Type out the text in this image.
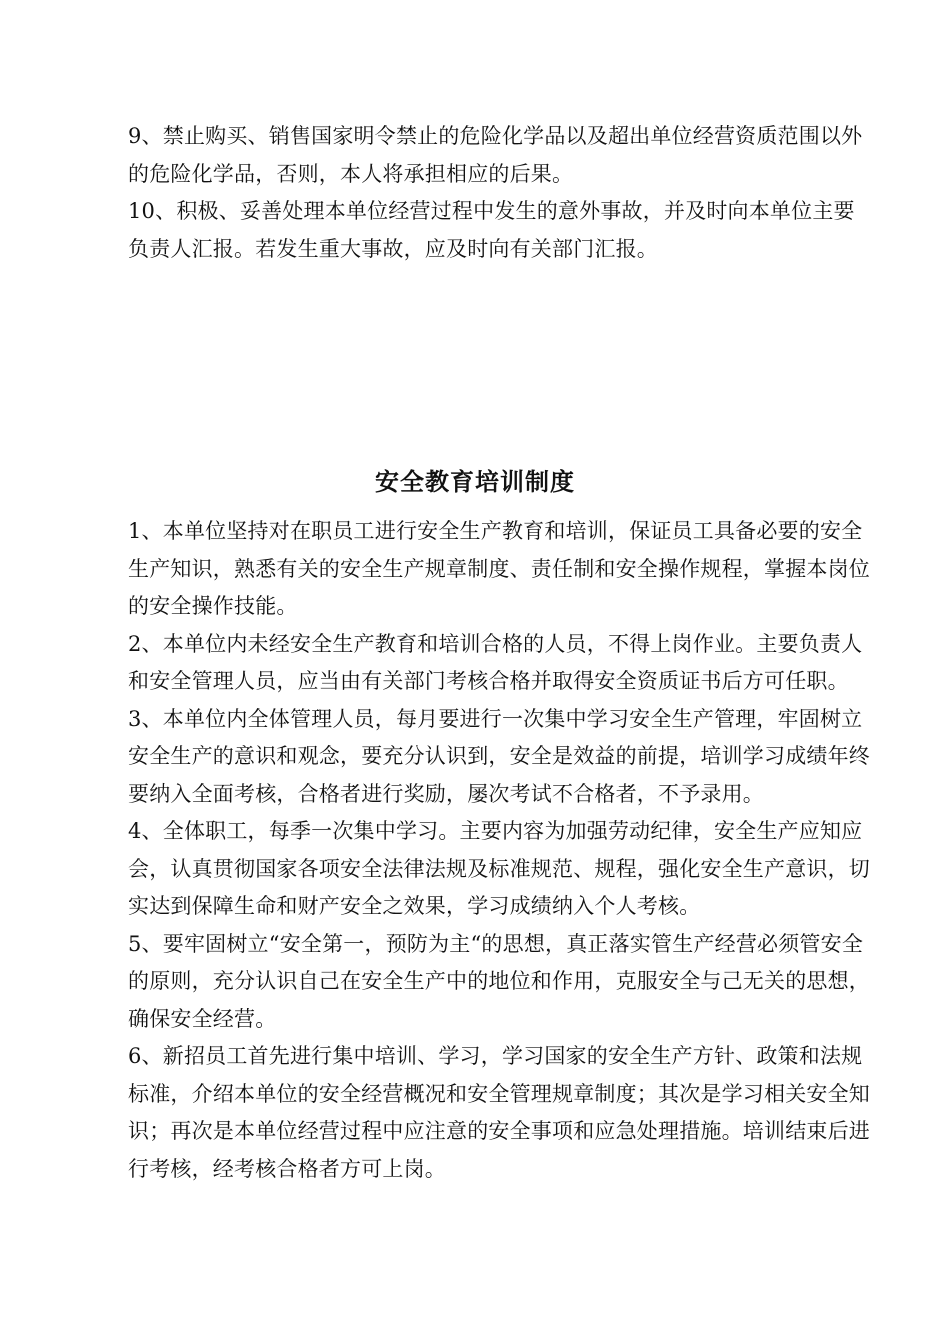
9、禁止购买、销售国家明令禁止的危险化学品以及超出单位经营资质范围以外的危险化学品，否则，本人将承担相应的后果。
10、积极、妥善处理本单位经营过程中发生的意外事故，并及时向本单位主要负责人汇报。若发生重大事故，应及时向有关部门汇报。
安全教育培训制度
1、本单位坚持对在职员工进行安全生产教育和培训，保证员工具备必要的安全生产知识，熟悉有关的安全生产规章制度、责任制和安全操作规程，掌握本岗位的安全操作技能。
2、本单位内未经安全生产教育和培训合格的人员，不得上岗作业。主要负责人和安全管理人员，应当由有关部门考核合格并取得安全资质证书后方可任职。
3、本单位内全体管理人员，每月要进行一次集中学习安全生产管理，牢固树立安全生产的意识和观念，要充分认识到，安全是效益的前提，培训学习成绩年终要纳入全面考核，合格者进行奖励，屡次考试不合格者，不予录用。
4、全体职工，每季一次集中学习。主要内容为加强劳动纪律，安全生产应知应会，认真贯彻国家各项安全法律法规及标准规范、规程，强化安全生产意识，切实达到保障生命和财产安全之效果，学习成绩纳入个人考核。
5、要牢固树立“安全第一，预防为主“的思想，真正落实管生产经营必须管安全的原则，充分认识自己在安全生产中的地位和作用，克服安全与己无关的思想，确保安全经营。
6、新招员工首先进行集中培训、学习，学习国家的安全生产方针、政策和法规标准，介绍本单位的安全经营概况和安全管理规章制度；其次是学习相关安全知识；再次是本单位经营过程中应注意的安全事项和应急处理措施。培训结束后进行考核，经考核合格者方可上岗。
